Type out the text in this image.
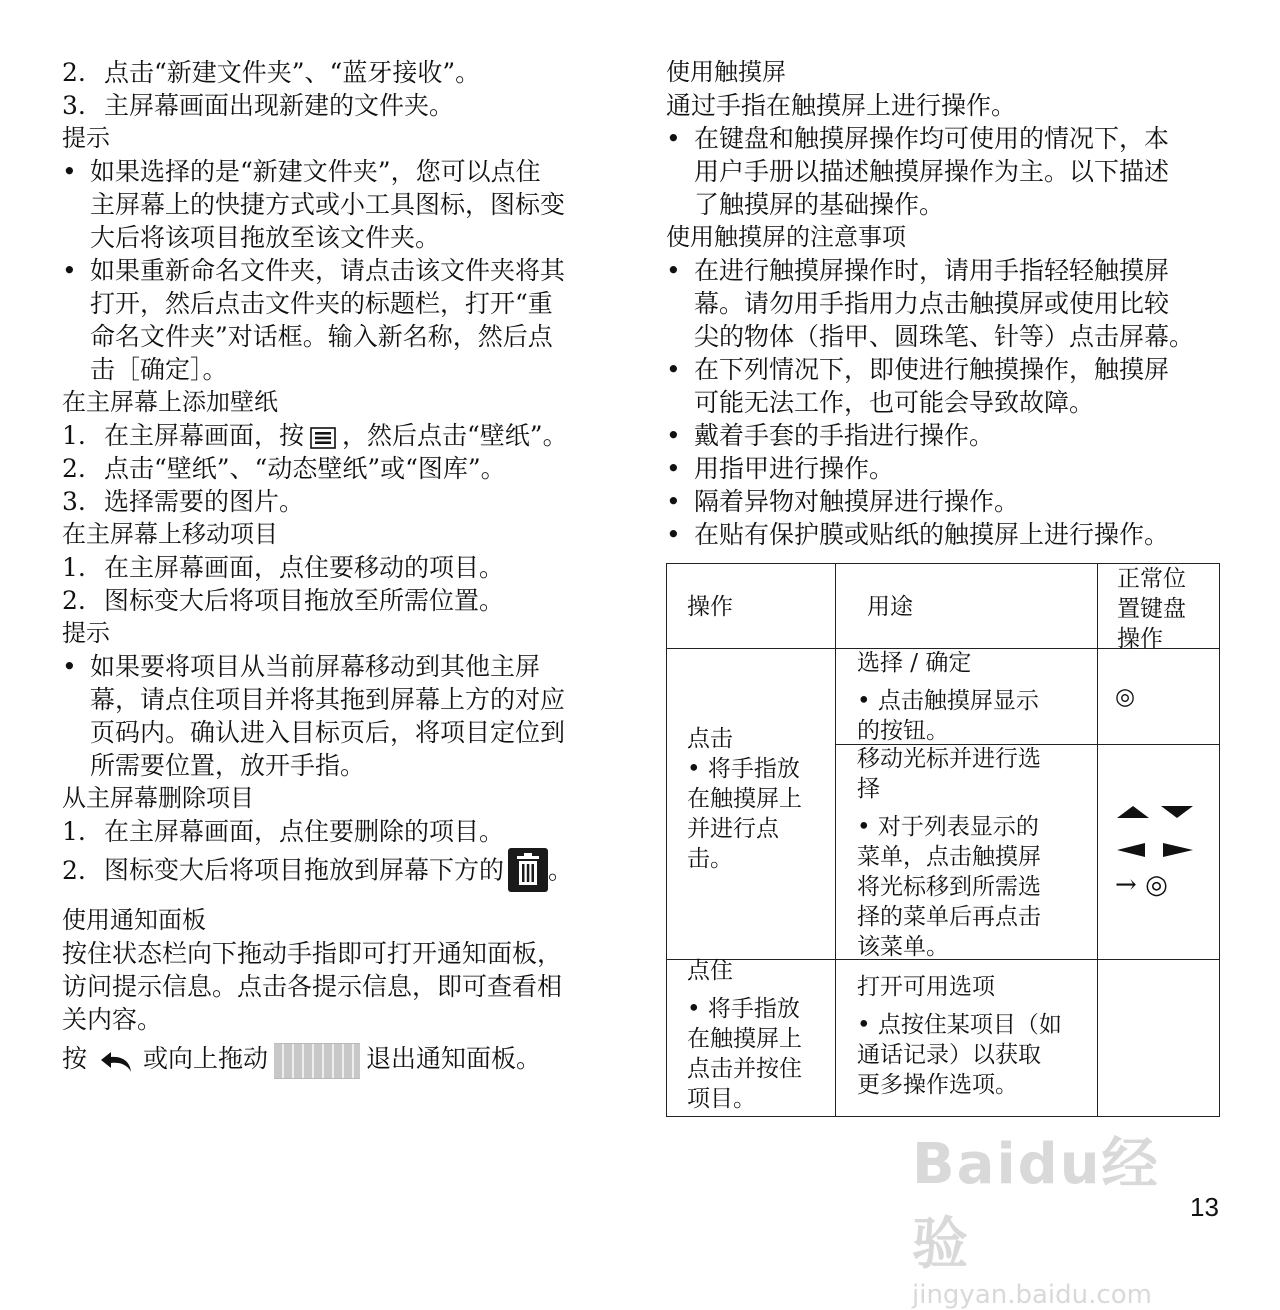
2. 点击“新建文件夹”、“蓝牙接收”。
3. 主屏幕画面出现新建的文件夹。
提示
• 如果选择的是“新建文件夹”，您可以点住
主屏幕上的快捷方式或小工具图标，图标变
大后将该项目拖放至该文件夹。
• 如果重新命名文件夹，请点击该文件夹将其
打开，然后点击文件夹的标题栏，打开“重
命名文件夹”对话框。输入新名称，然后点
击［确定］。
在主屏幕上添加壁纸
1. 在主屏幕画面，按 ，然后点击“壁纸”。
2. 点击“壁纸”、“动态壁纸”或“图库”。
3. 选择需要的图片。
在主屏幕上移动项目
1. 在主屏幕画面，点住要移动的项目。
2. 图标变大后将项目拖放至所需位置。
提示
• 如果要将项目从当前屏幕移动到其他主屏
幕，请点住项目并将其拖到屏幕上方的对应
页码内。确认进入目标页后，将项目定位到
所需要位置，放开手指。
从主屏幕删除项目
1. 在主屏幕画面，点住要删除的项目。
2. 图标变大后将项目拖放到屏幕下方的 。
使用通知面板
按住状态栏向下拖动手指即可打开通知面板，
访问提示信息。点击各提示信息，即可查看相
关内容。
按 或向上拖动	退出通知面板。
使用触摸屏
通过手指在触摸屏上进行操作。
• 在键盘和触摸屏操作均可使用的情况下，本
用户手册以描述触摸屏操作为主。以下描述
了触摸屏的基础操作。
使用触摸屏的注意事项
• 在进行触摸屏操作时，请用手指轻轻触摸屏
幕。请勿用手指用力点击触摸屏或使用比较
尖的物体（指甲、圆珠笔、针等）点击屏幕。
• 在下列情况下，即使进行触摸操作，触摸屏
可能无法工作，也可能会导致故障。
• 戴着手套的手指进行操作。
• 用指甲进行操作。
• 隔着异物对触摸屏进行操作。
• 在贴有保护膜或贴纸的触摸屏上进行操作。
操作	用途
正常位
置键盘
操作
点击
• 将手指放
在触摸屏上
并进行点
击。
选择 / 确定
• 点击触摸屏显示
的按钮。
◎
移动光标并进行选
择
• 对于列表显示的
菜单，点击触摸屏
将光标移到所需选
择的菜单后再点击
该菜单。

→ ◎
点住
• 将手指放
在触摸屏上
点击并按住
项目。
打开可用选项
• 点按住某项目（如
通话记录）以获取
更多操作选项。
Baidu经验
jingyan.baidu.com
13
